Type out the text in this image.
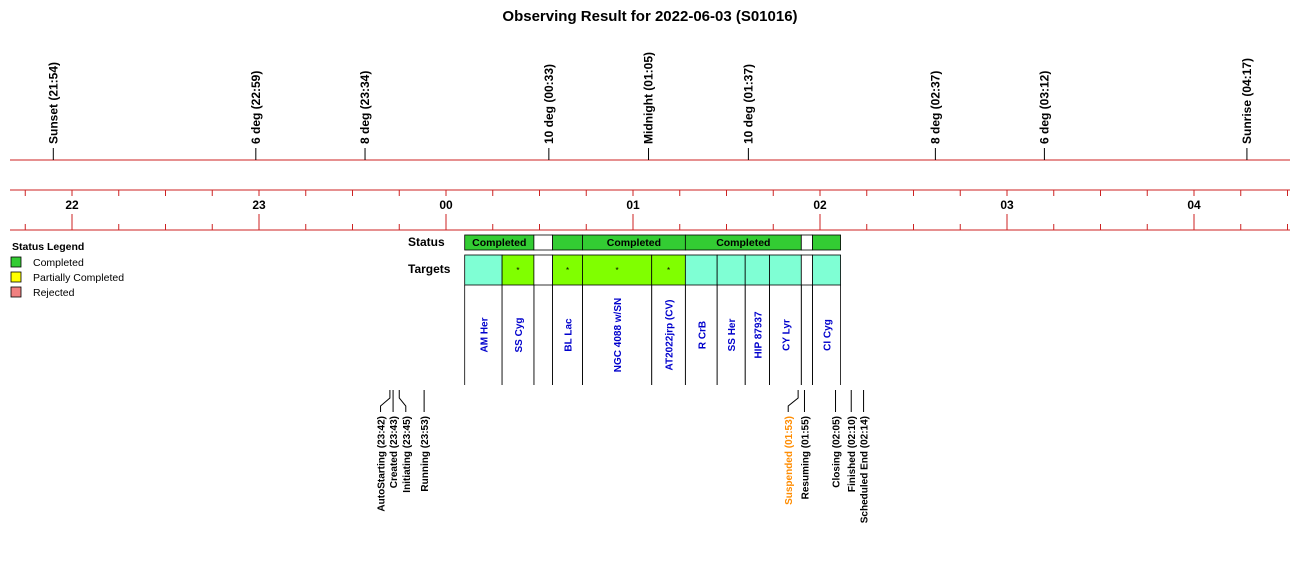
Observing Result for 2022-06-03 (S01016)
Status Legend
Completed
Partially Completed
Rejected
Status
Targets
22	23	00	01	02	03	04
Sunset (21:54)	6 deg (22:59)	8 deg (23:34)	10 deg (00:33)	Midnight (01:05)	10 deg (01:37)	8 deg (02:37)	6 deg (03:12)	Sunrise (04:17)
Completed	Completed	Completed
AM Her
*
SS Cyg
*
BL Lac
*
NGC 4088 w/SN
*
AT2022jrp (CV) R CrB SS Her HIP 87937 CY Lyr	CI Cyg
AutoStarting (23:42) Created (23:43) Initiating (23:45) Running (23:53)	Suspended (01:53) Resuming (01:55) Closing (02:05) Finished (02:10) Scheduled End (02:14)
